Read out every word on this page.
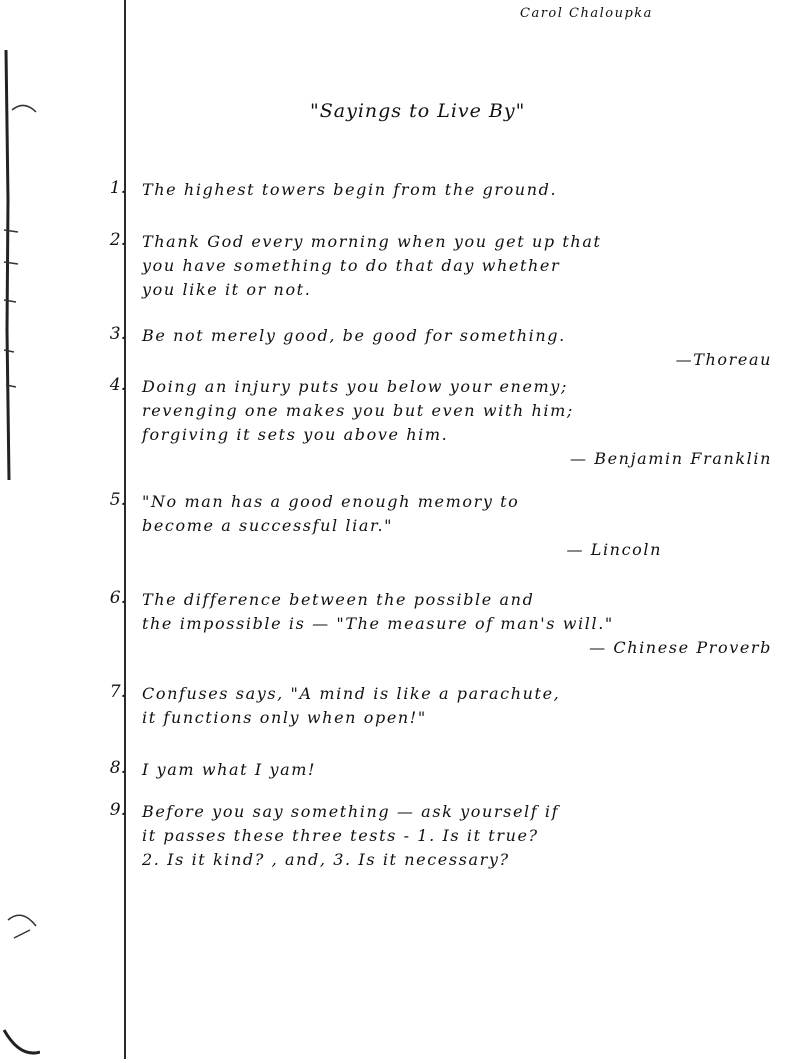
Carol Chaloupka
"Sayings to Live By"
1. The highest towers begin from the ground.
2. Thank God every morning when you get up that
you have something to do that day whether
you like it or not.
3. Be not merely good, be good for something.
—Thoreau
4. Doing an injury puts you below your enemy;
revenging one makes you but even with him;
forgiving it sets you above him.
— Benjamin Franklin
5. "No man has a good enough memory to
become a successful liar."
— Lincoln
6. The difference between the possible and
the impossible is — "The measure of man's will."
— Chinese Proverb
7. Confuses says, "A mind is like a parachute,
it functions only when open!"
8. I yam what I yam!
9. Before you say something — ask yourself if
it passes these three tests - 1. Is it true?
2. Is it kind? , and, 3. Is it necessary?
